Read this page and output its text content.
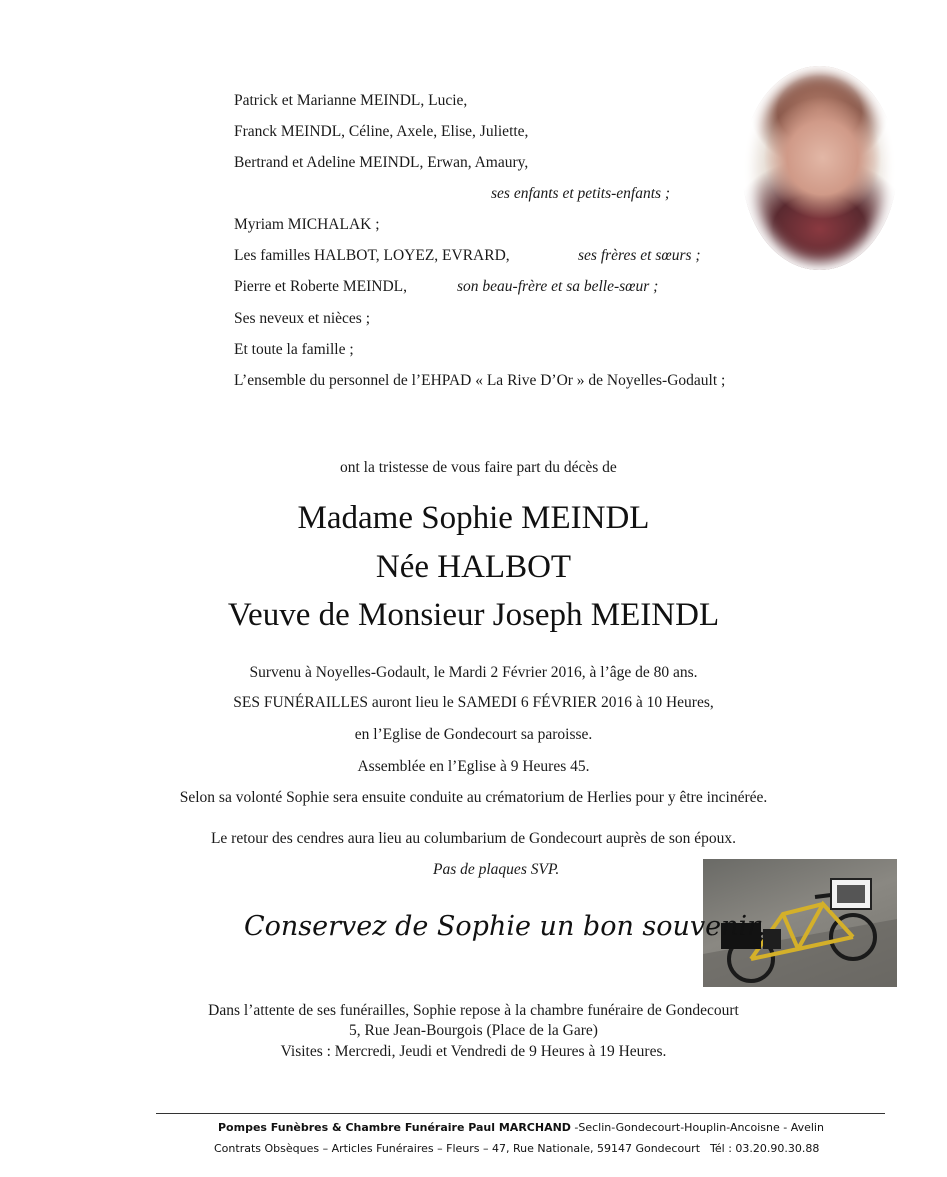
Patrick et Marianne MEINDL, Lucie,
Franck MEINDL, Céline, Axele, Elise, Juliette,
Bertrand et Adeline MEINDL, Erwan, Amaury,
ses enfants et petits-enfants ;
Myriam MICHALAK ;
Les familles HALBOT, LOYEZ, EVRARD,	ses frères et sœurs ;
Pierre et Roberte MEINDL,	son beau-frère et sa belle-sœur ;
Ses neveux et nièces ;
Et toute la famille ;
L’ensemble du personnel de l’EHPAD « La Rive D’Or » de Noyelles-Godault ;
ont la tristesse de vous faire part du décès de
Madame Sophie MEINDL
Née HALBOT
Veuve de Monsieur Joseph MEINDL
Survenu à Noyelles-Godault, le Mardi 2 Février 2016, à l’âge de 80 ans.
SES FUNÉRAILLES auront lieu le SAMEDI 6 FÉVRIER 2016 à 10 Heures,
en l’Eglise de Gondecourt sa paroisse.
Assemblée en l’Eglise à 9 Heures 45.
Selon sa volonté Sophie sera ensuite conduite au crématorium de Herlies pour y être incinérée.
Le retour des cendres aura lieu au columbarium de Gondecourt auprès de son époux.
Pas de plaques SVP.
Conservez de Sophie un bon souvenir.
Dans l’attente de ses funérailles, Sophie repose à la chambre funéraire de Gondecourt
5, Rue Jean-Bourgois (Place de la Gare)
Visites : Mercredi, Jeudi et Vendredi de 9 Heures à 19 Heures.
Pompes Funèbres & Chambre Funéraire Paul MARCHAND -Seclin-Gondecourt-Houplin-Ancoisne - Avelin
Contrats Obsèques – Articles Funéraires – Fleurs – 47, Rue Nationale, 59147 Gondecourt Tél : 03.20.90.30.88
